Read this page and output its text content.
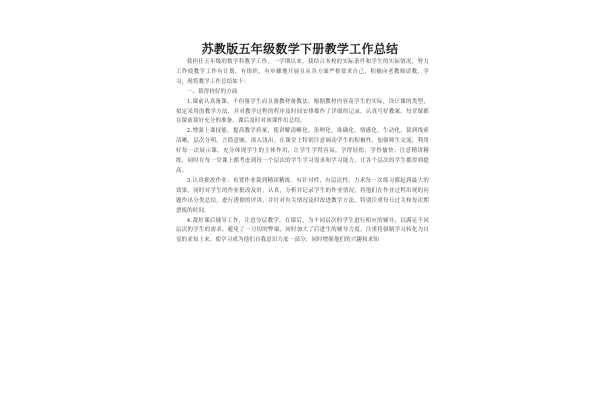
苏教版五年级数学下册教学工作总结

我担任五年级的数学科教学工作，一学期以来，我结合本校的实际条件和学生的实际情况，努力工作使教学工作有计划，有组织，有步骤地开展且从各方面严格要求自己，积极向老教师请教，学习，现将教学工作总结如下：

一、裁得较好的方面

1.课前认真备课。不但备学生而且备教材备教法，根据教材内容及学生的实际，设计课的类型，拟定采用的教学方法，并对教学过程的程序及时间安排都作了详细的记录，认真写好教案。每堂课都在课前裁好充分的准备，课后及时对该课作出总结。

2.增强上课技能，提高教学质量，使讲解清晰化，条理化，准确化，情感化，生动化，裁到线索清晰，层次分明，言简意赅，深入浅出。在课堂上特别注意调动学生的积极性，加强师生交流，利用好每一次展示课，充分体现学生的主体作用，让学生学得容易，学得轻松，学得愉快；注意精讲精练，同时在每一堂课上都考虑到每一个层次的学生学习需求和学习能力，让各个层次的学生都得到提高。

3.认真批改作业：布置作业裁到精读精练。有针对性，有层次性。力求每一次练习都起到最大的效果。同时对学生的作业批改及时，认真，分析并记录学生的作业情况，将他们在作业过程出现的问题作出分类总结，进行透彻的评讲，并针对有关情况及时改进教学方法，特别注重每日过关和每次期票板的时间。

4.裁好课后辅导工作，注意分层教学。在课后，为不同层次的学生进行相应的辅导，以满足不同层次的学生的需求，避免了一刀切的弊端，同时加大了后进生的辅导力度，注重将强制学习转化为自觉的求知上来，使学习成为他们自我意识力度一部分，同时增强他们的兴趣和求知
